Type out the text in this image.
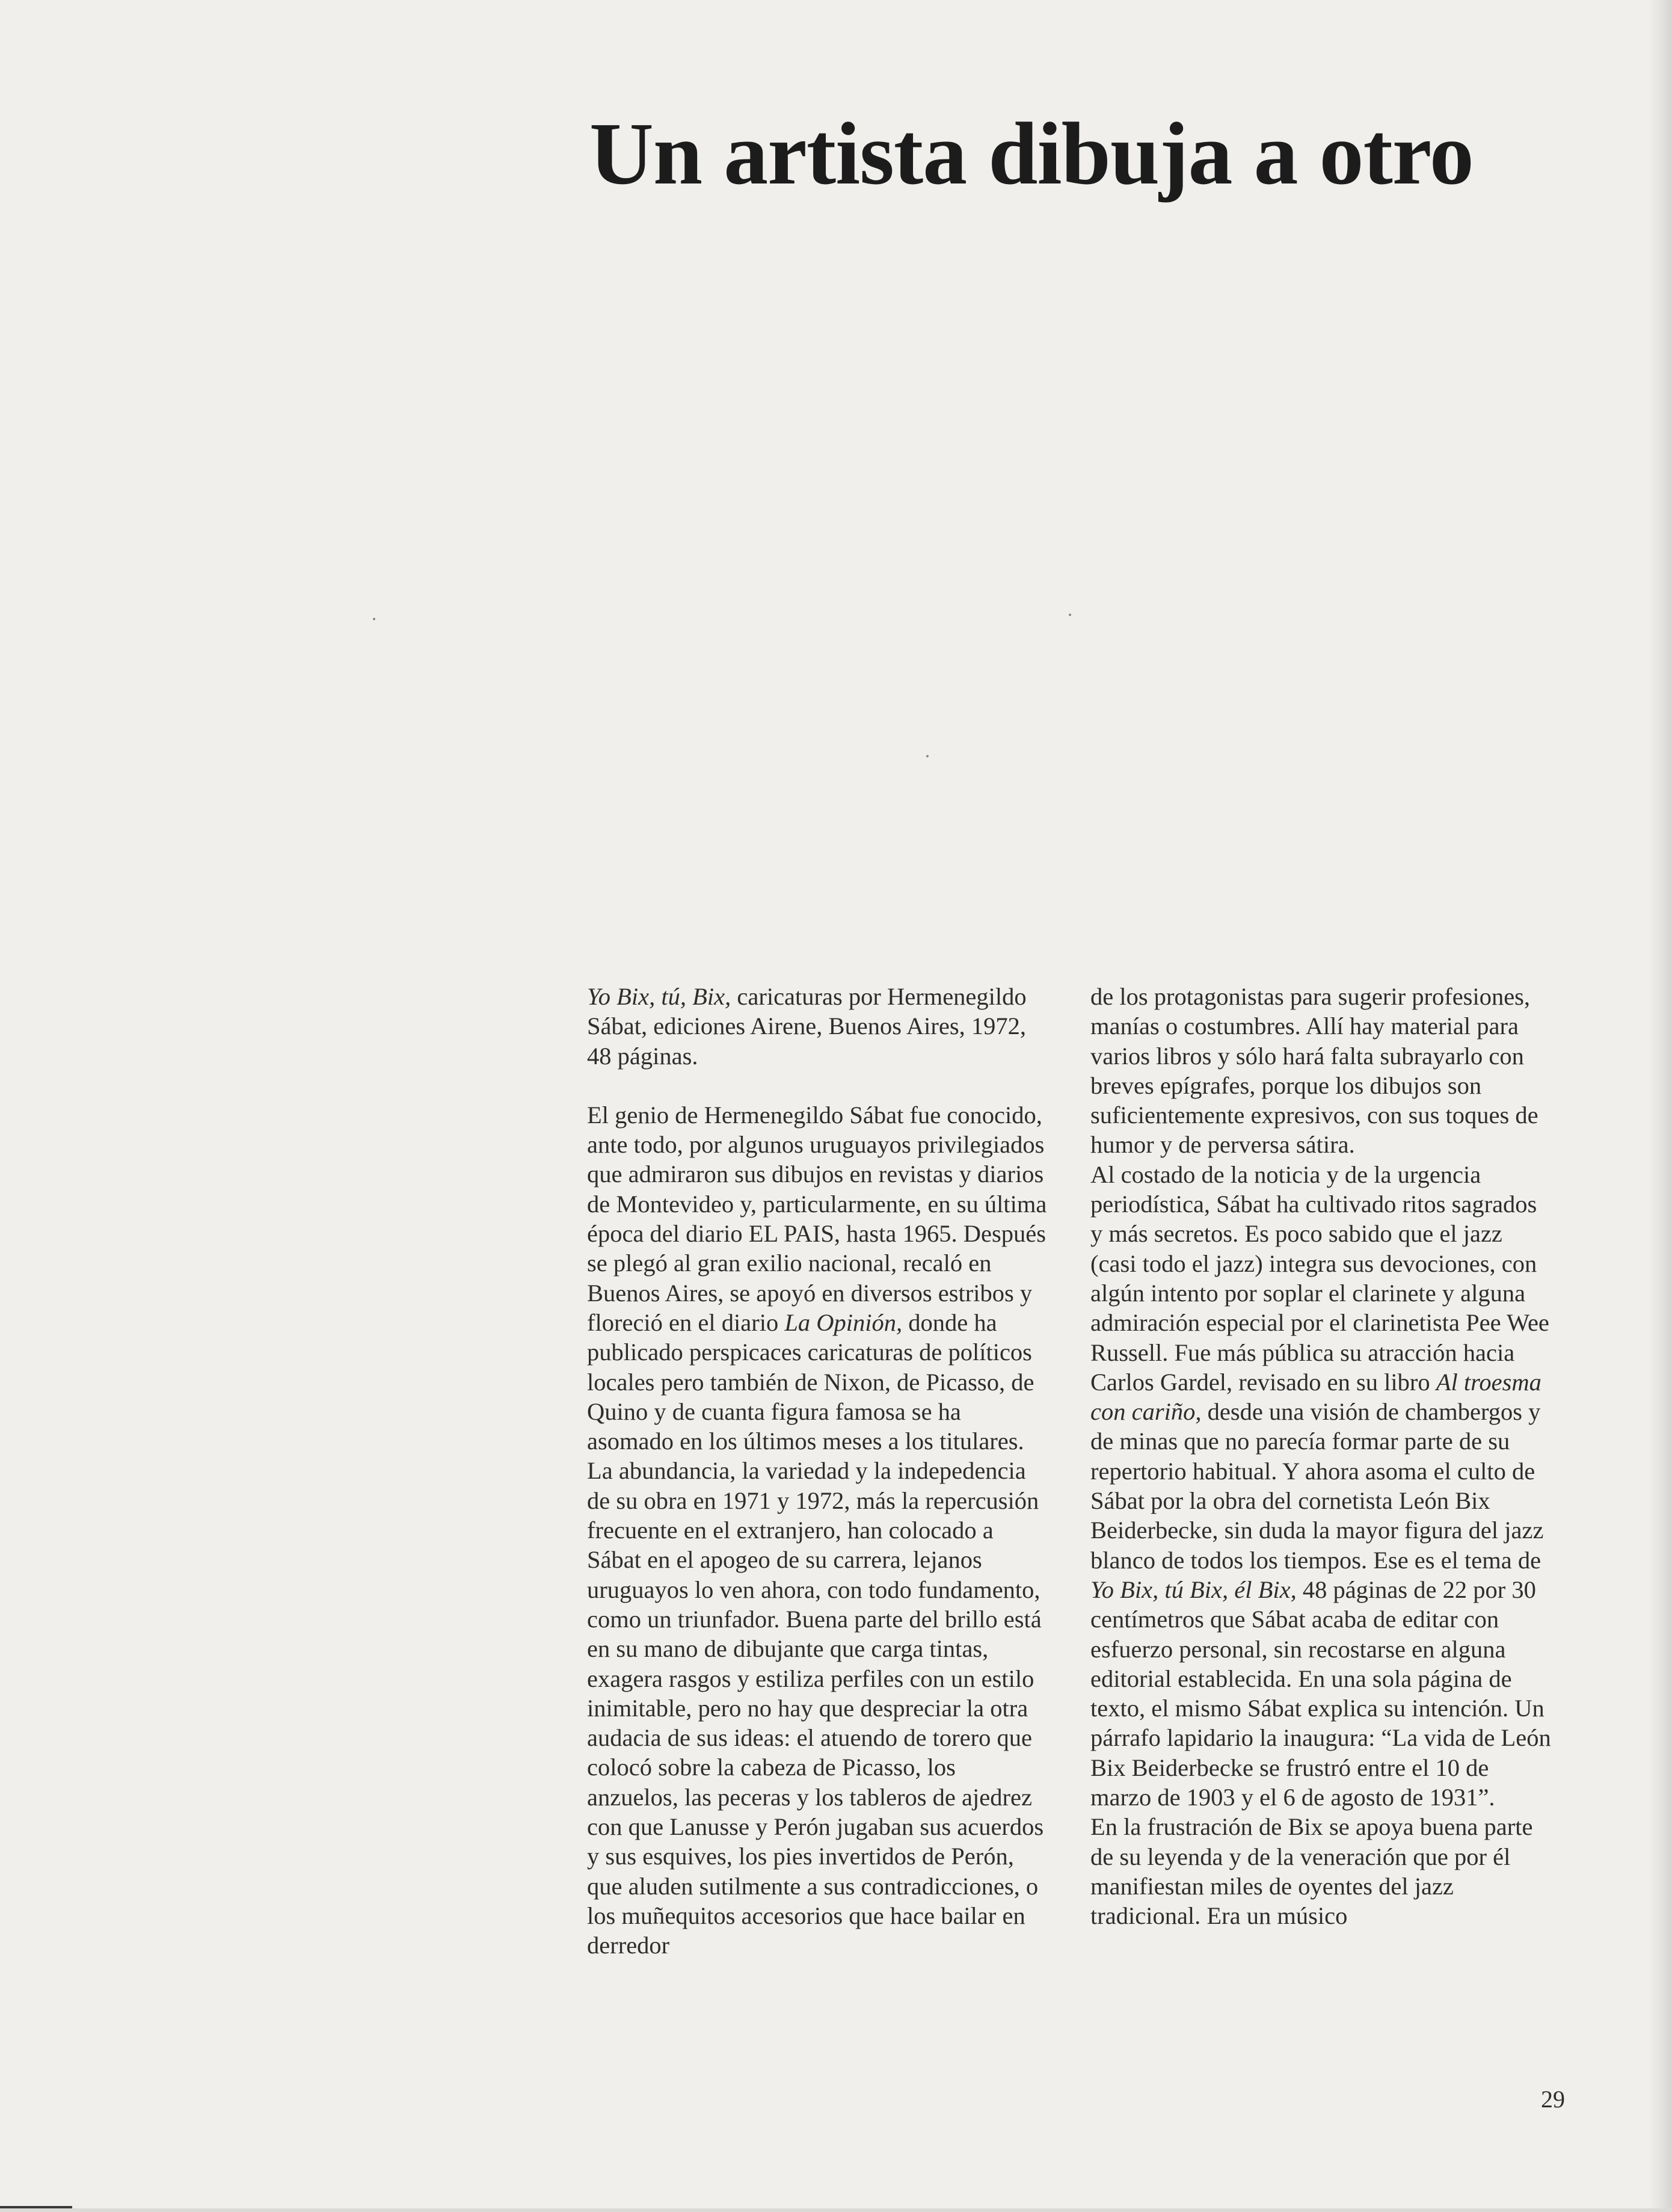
Un artista dibuja a otro

Yo Bix, tú, Bix, caricaturas por Hermenegildo Sábat, ediciones Airene, Buenos Aires, 1972, 48 páginas.

El genio de Hermenegildo Sábat fue conocido, ante todo, por algunos uruguayos privilegiados que admiraron sus dibujos en revistas y diarios de Montevideo y, particularmente, en su última época del diario EL PAIS, hasta 1965. Después se plegó al gran exilio nacional, recaló en Buenos Aires, se apoyó en diversos estribos y floreció en el diario La Opinión, donde ha publicado perspicaces caricaturas de políticos locales pero también de Nixon, de Picasso, de Quino y de cuanta figura famosa se ha asomado en los últimos meses a los titulares. La abundancia, la variedad y la indepedencia de su obra en 1971 y 1972, más la repercusión frecuente en el extranjero, han colocado a Sábat en el apogeo de su carrera, lejanos uruguayos lo ven ahora, con todo fundamento, como un triunfador. Buena parte del brillo está en su mano de dibujante que carga tintas, exagera rasgos y estiliza perfiles con un estilo inimitable, pero no hay que despreciar la otra audacia de sus ideas: el atuendo de torero que colocó sobre la cabeza de Picasso, los anzuelos, las peceras y los tableros de ajedrez con que Lanusse y Perón jugaban sus acuerdos y sus esquives, los pies invertidos de Perón, que aluden sutilmente a sus contradicciones, o los muñequitos accesorios que hace bailar en derredor

de los protagonistas para sugerir profesiones, manías o costumbres. Allí hay material para varios libros y sólo hará falta subrayarlo con breves epígrafes, porque los dibujos son suficientemente expresivos, con sus toques de humor y de perversa sátira.

Al costado de la noticia y de la urgencia periodística, Sábat ha cultivado ritos sagrados y más secretos. Es poco sabido que el jazz (casi todo el jazz) integra sus devociones, con algún intento por soplar el clarinete y alguna admiración especial por el clarinetista Pee Wee Russell. Fue más pública su atracción hacia Carlos Gardel, revisado en su libro Al troesma con cariño, desde una visión de chambergos y de minas que no parecía formar parte de su repertorio habitual. Y ahora asoma el culto de Sábat por la obra del cornetista León Bix Beiderbecke, sin duda la mayor figura del jazz blanco de todos los tiempos. Ese es el tema de Yo Bix, tú Bix, él Bix, 48 páginas de 22 por 30 centímetros que Sábat acaba de editar con esfuerzo personal, sin recostarse en alguna editorial establecida. En una sola página de texto, el mismo Sábat explica su intención. Un párrafo lapidario la inaugura: “La vida de León Bix Beiderbecke se frustró entre el 10 de marzo de 1903 y el 6 de agosto de 1931”.

En la frustración de Bix se apoya buena parte de su leyenda y de la veneración que por él manifiestan miles de oyentes del jazz tradicional. Era un músico

29
